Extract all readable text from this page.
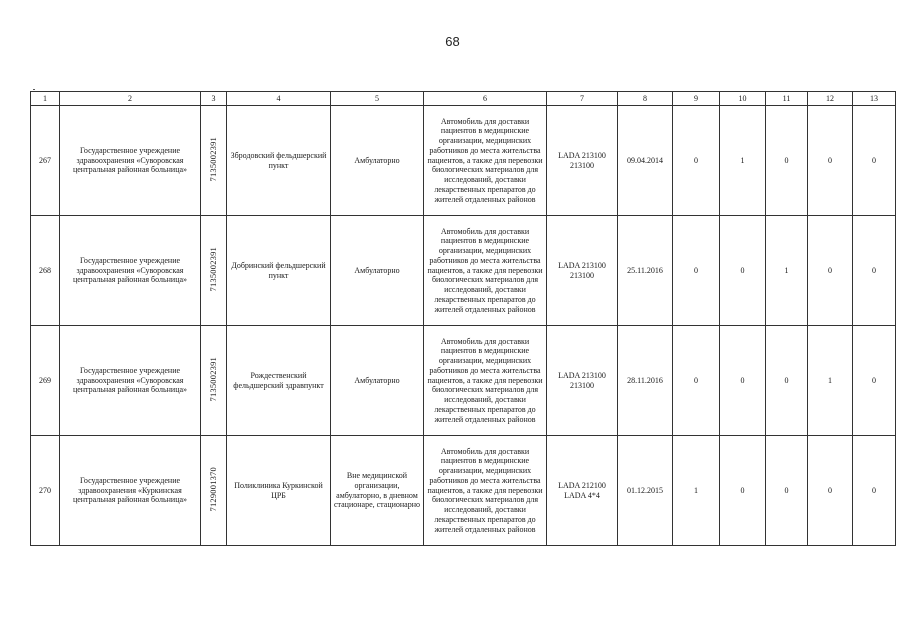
68
1	2	3	4	5	6	7	8	9	10	11	12	13
267	Государственное учреждение здравоохранения «Суворовская центральная районная больница»	7135002391	Збродовский фельдшерский пункт	Амбулаторно	Автомобиль для доставки пациентов в медицинские организации, медицинских работников до места жительства пациентов, а также для перевозки биологических материалов для исследований, доставки лекарственных препаратов до жителей отдаленных районов	LADA 213100 213100	09.04.2014	0	1	0	0	0
268	Государственное учреждение здравоохранения «Суворовская центральная районная больница»	7135002391	Добринский фельдшерский пункт	Амбулаторно	Автомобиль для доставки пациентов в медицинские организации, медицинских работников до места жительства пациентов, а также для перевозки биологических материалов для исследований, доставки лекарственных препаратов до жителей отдаленных районов	LADA 213100 213100	25.11.2016	0	0	1	0	0
269	Государственное учреждение здравоохранения «Суворовская центральная районная больница»	7135002391	Рождественский фельдшерский здравпункт	Амбулаторно	Автомобиль для доставки пациентов в медицинские организации, медицинских работников до места жительства пациентов, а также для перевозки биологических материалов для исследований, доставки лекарственных препаратов до жителей отдаленных районов	LADA 213100 213100	28.11.2016	0	0	0	1	0
270	Государственное учреждение здравоохранения «Куркинская центральная районная больница»	7129001370	Поликлиника Куркинской ЦРБ	Вне медицинской организации, амбулаторно, в дневном стационаре, стационарно	Автомобиль для доставки пациентов в медицинские организации, медицинских работников до места жительства пациентов, а также для перевозки биологических материалов для исследований, доставки лекарственных препаратов до жителей отдаленных районов	LADA 212100 LADA 4*4	01.12.2015	1	0	0	0	0
